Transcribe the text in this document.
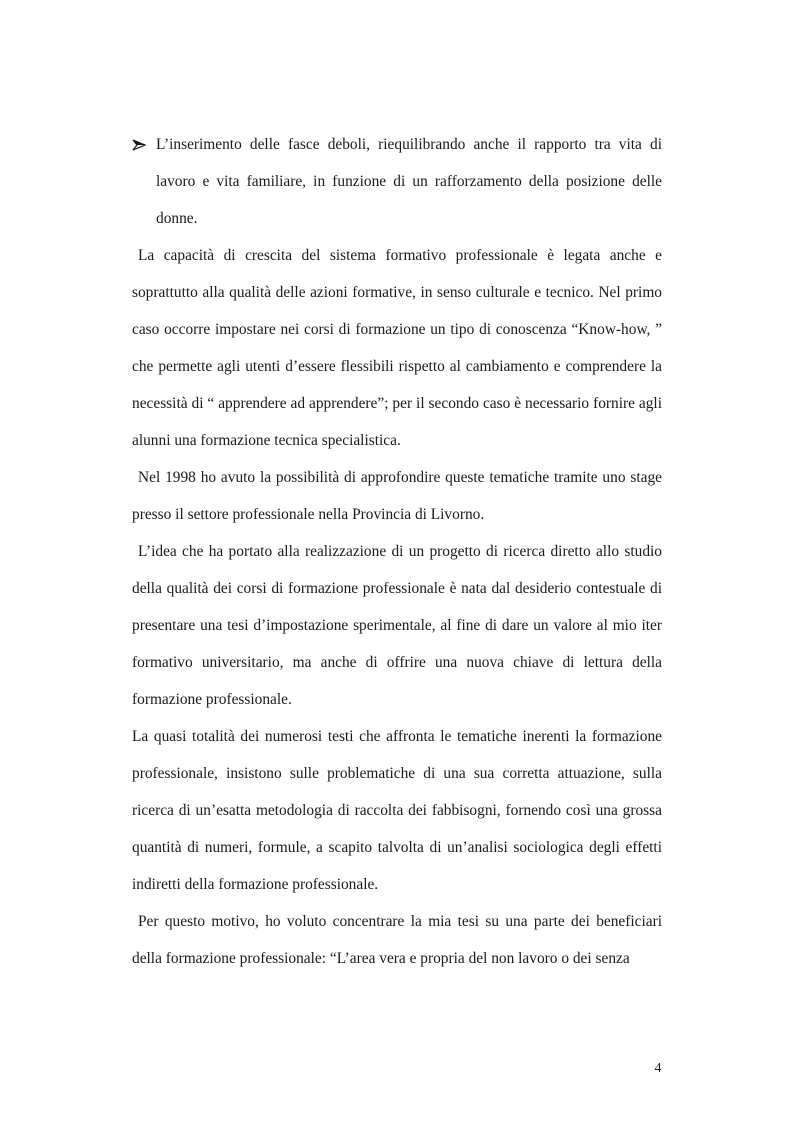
L’inserimento delle fasce deboli, riequilibrando anche il rapporto tra vita di lavoro e vita familiare, in funzione di un rafforzamento della posizione delle donne.

La capacità di crescita del sistema formativo professionale è legata anche e soprattutto alla qualità delle azioni formative, in senso culturale e tecnico. Nel primo caso occorre impostare nei corsi di formazione un tipo di conoscenza “Know-how, ” che permette agli utenti d’essere flessibili rispetto al cambiamento e comprendere la necessità di “ apprendere ad apprendere”; per il secondo caso è necessario fornire agli alunni una formazione tecnica specialistica.

Nel 1998 ho avuto la possibilità di approfondire queste tematiche tramite uno stage presso il settore professionale nella Provincia di Livorno.

L’idea che ha portato alla realizzazione di un progetto di ricerca diretto allo studio della qualità dei corsi di formazione professionale è nata dal desiderio contestuale di presentare una tesi d’impostazione sperimentale, al fine di dare un valore al mio iter formativo universitario, ma anche di offrire una nuova chiave di lettura della formazione professionale.

La quasi totalità dei numerosi testi che affronta le tematiche inerenti la formazione professionale, insistono sulle problematiche di una sua corretta attuazione, sulla ricerca di un’esatta metodologia di raccolta dei fabbisogni, fornendo così una grossa quantità di numeri, formule, a scapito talvolta di un’analisi sociologica degli effetti indiretti della formazione professionale.

Per questo motivo, ho voluto concentrare la mia tesi su una parte dei beneficiari della formazione professionale: “L’area vera e propria del non lavoro o dei senza

4
